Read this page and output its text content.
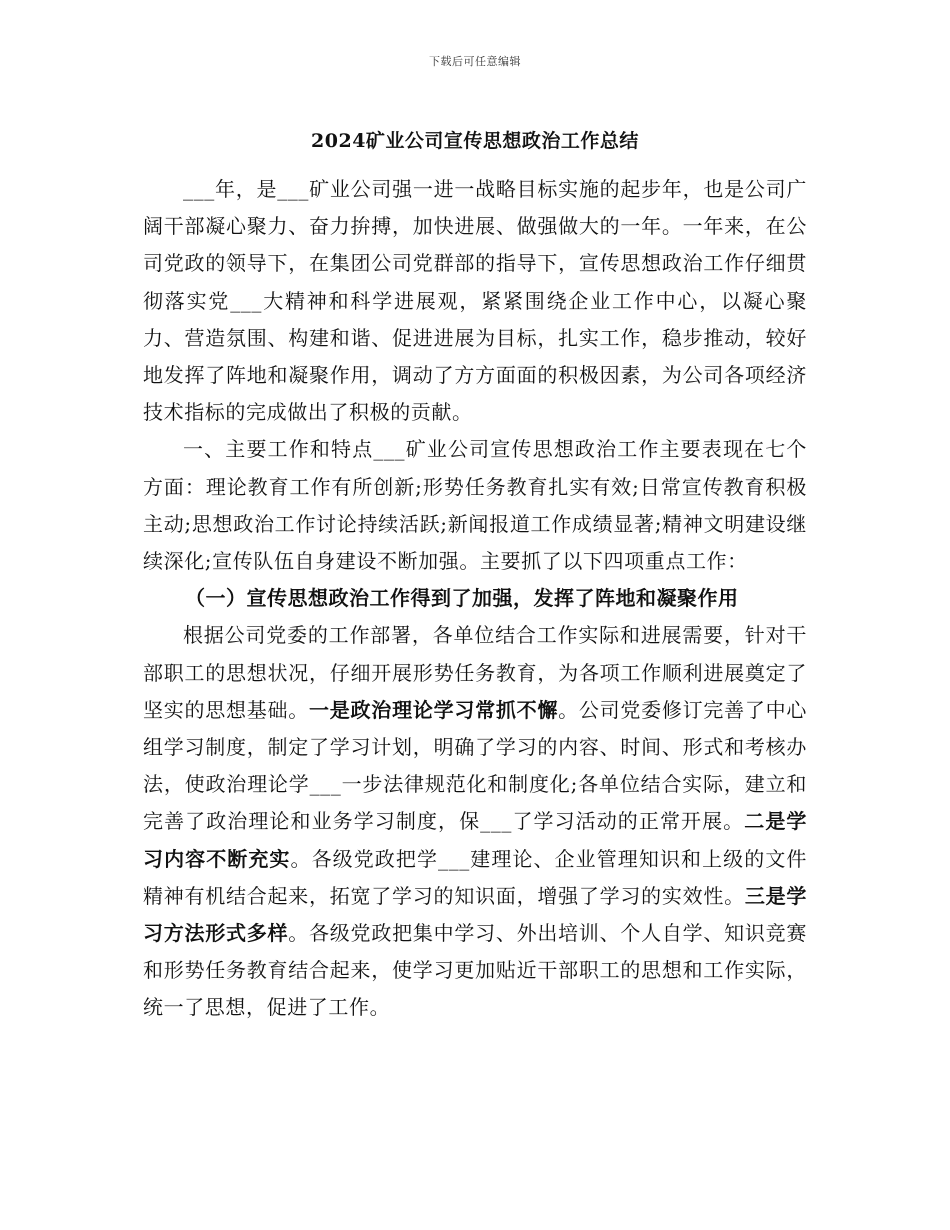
下载后可任意编辑
2024矿业公司宣传思想政治工作总结

___年，是___矿业公司强一进一战略目标实施的起步年，也是公司广阔干部凝心聚力、奋力拚搏，加快进展、做强做大的一年。一年来，在公司党政的领导下，在集团公司党群部的指导下，宣传思想政治工作仔细贯彻落实党___大精神和科学进展观，紧紧围绕企业工作中心，以凝心聚力、营造氛围、构建和谐、促进进展为目标，扎实工作，稳步推动，较好地发挥了阵地和凝聚作用，调动了方方面面的积极因素，为公司各项经济技术指标的完成做出了积极的贡献。

一、主要工作和特点___矿业公司宣传思想政治工作主要表现在七个方面：理论教育工作有所创新;形势任务教育扎实有效;日常宣传教育积极主动;思想政治工作讨论持续活跃;新闻报道工作成绩显著;精神文明建设继续深化;宣传队伍自身建设不断加强。主要抓了以下四项重点工作：

（一）宣传思想政治工作得到了加强，发挥了阵地和凝聚作用

根据公司党委的工作部署，各单位结合工作实际和进展需要，针对干部职工的思想状况，仔细开展形势任务教育，为各项工作顺利进展奠定了坚实的思想基础。一是政治理论学习常抓不懈。公司党委修订完善了中心组学习制度，制定了学习计划，明确了学习的内容、时间、形式和考核办法，使政治理论学___一步法律规范化和制度化;各单位结合实际，建立和完善了政治理论和业务学习制度，保___了学习活动的正常开展。二是学习内容不断充实。各级党政把学___建理论、企业管理知识和上级的文件精神有机结合起来，拓宽了学习的知识面，增强了学习的实效性。三是学习方法形式多样。各级党政把集中学习、外出培训、个人自学、知识竞赛和形势任务教育结合起来，使学习更加贴近干部职工的思想和工作实际，统一了思想，促进了工作。
